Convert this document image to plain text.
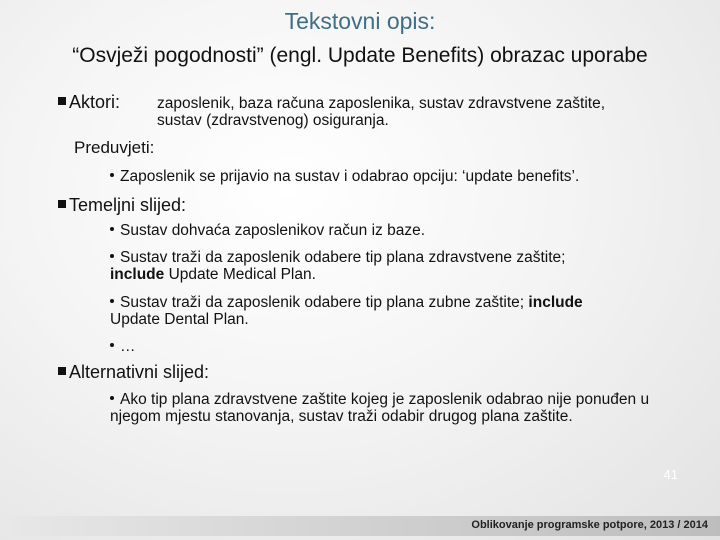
Tekstovni opis:
“Osvježi pogodnosti” (engl. Update Benefits) obrazac uporabe
Aktori: zaposlenik, baza računa zaposlenika, sustav zdravstvene zaštite,
sustav (zdravstvenog) osiguranja.
Preduvjeti:
Zaposlenik se prijavio na sustav i odabrao opciju: ‘update benefits’.
Temeljni slijed:
Sustav dohvaća zaposlenikov račun iz baze.
Sustav traži da zaposlenik odabere tip plana zdravstvene zaštite;
include Update Medical Plan.
Sustav traži da zaposlenik odabere tip plana zubne zaštite; include
Update Dental Plan.
…
Alternativni slijed:
Ako tip plana zdravstvene zaštite kojeg je zaposlenik odabrao nije ponuđen u njegom mjestu stanovanja, sustav traži odabir drugog plana zaštite.
41
Oblikovanje programske potpore, 2013 / 2014
